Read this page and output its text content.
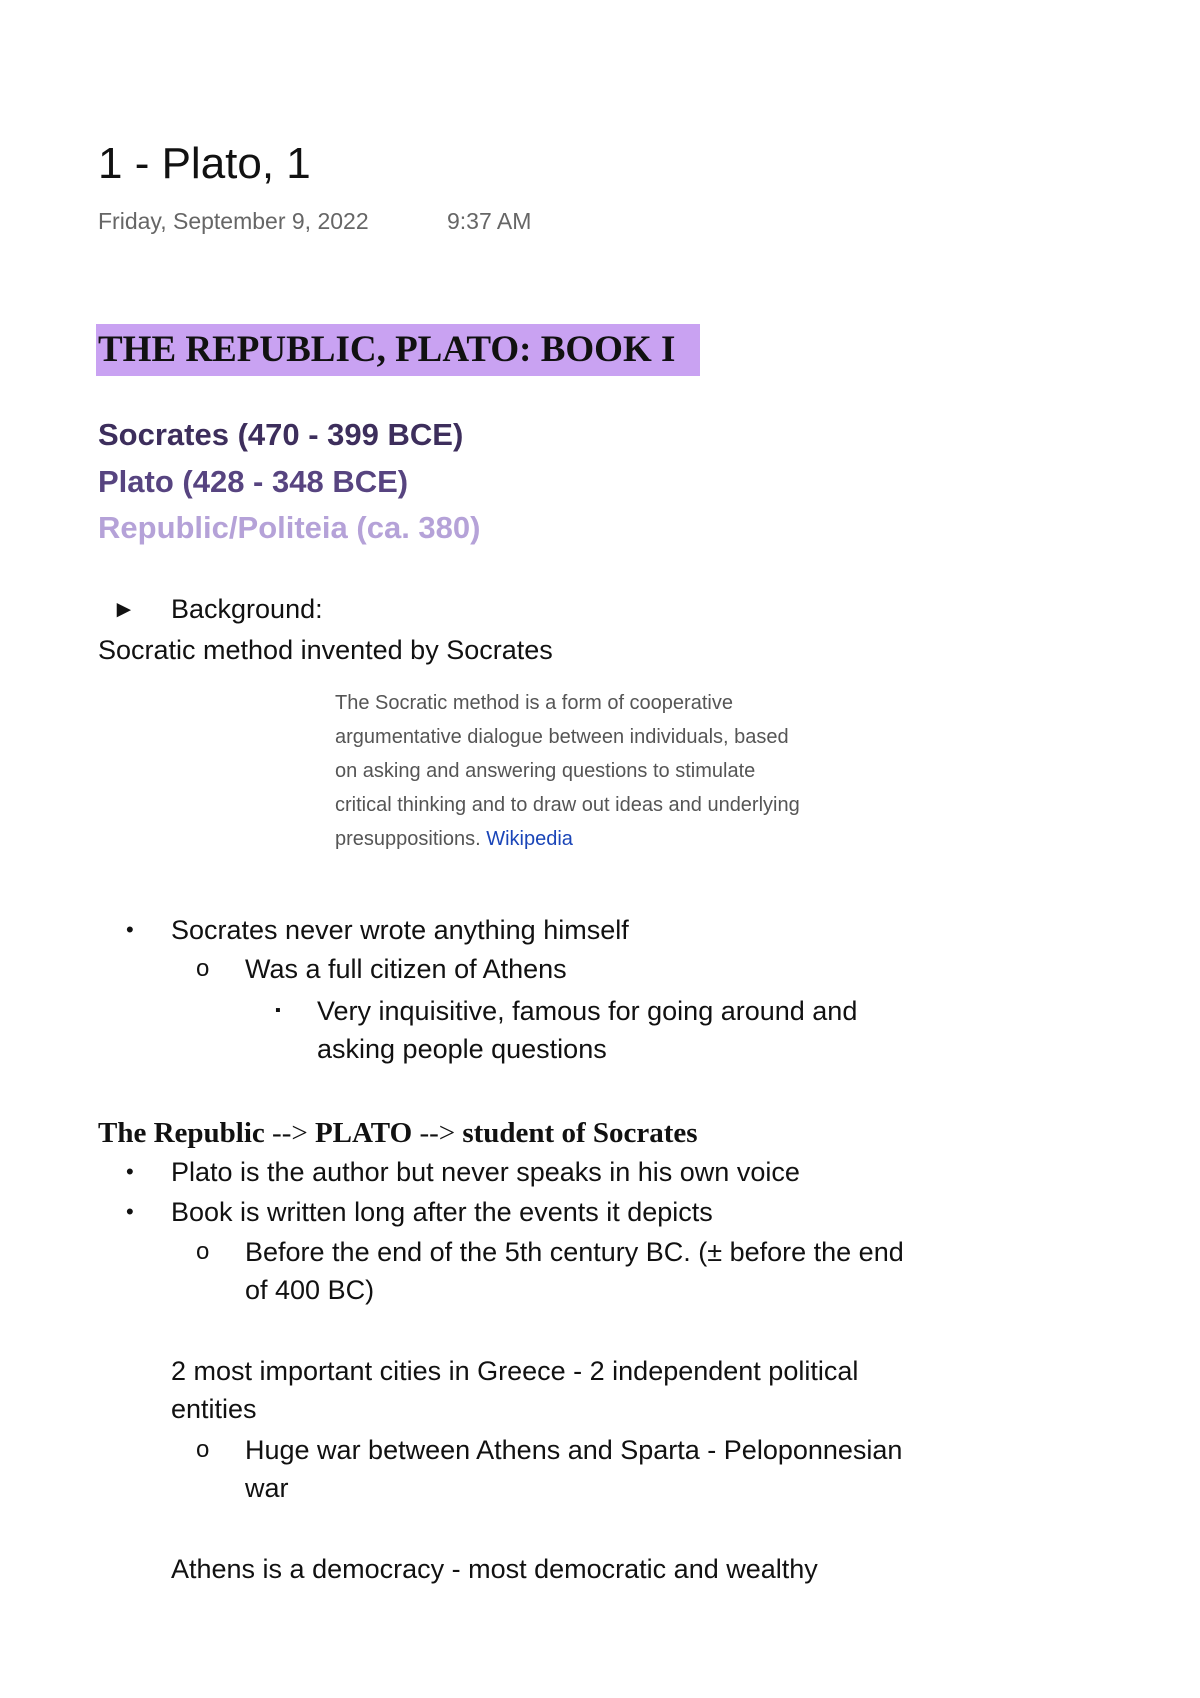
1 - Plato, 1
Friday, September 9, 2022	9:37 AM
THE REPUBLIC, PLATO: BOOK I
Socrates (470 - 399 BCE)
Plato (428 - 348 BCE)
Republic/Politeia (ca. 380)
► Background:
Socratic method invented by Socrates

The Socratic method is a form of cooperative

argumentative dialogue between individuals, based

on asking and answering questions to stimulate

critical thinking and to draw out ideas and underlying

presuppositions. Wikipedia

• Socrates never wrote anything himself
o Was a full citizen of Athens
▪ Very inquisitive, famous for going around and
asking people questions
The Republic --> PLATO --> student of Socrates
• Plato is the author but never speaks in his own voice
• Book is written long after the events it depicts
o Before the end of the 5th century BC. (± before the end
of 400 BC)
2 most important cities in Greece - 2 independent political
entities
o Huge war between Athens and Sparta - Peloponnesian
war
Athens is a democracy - most democratic and wealthy
